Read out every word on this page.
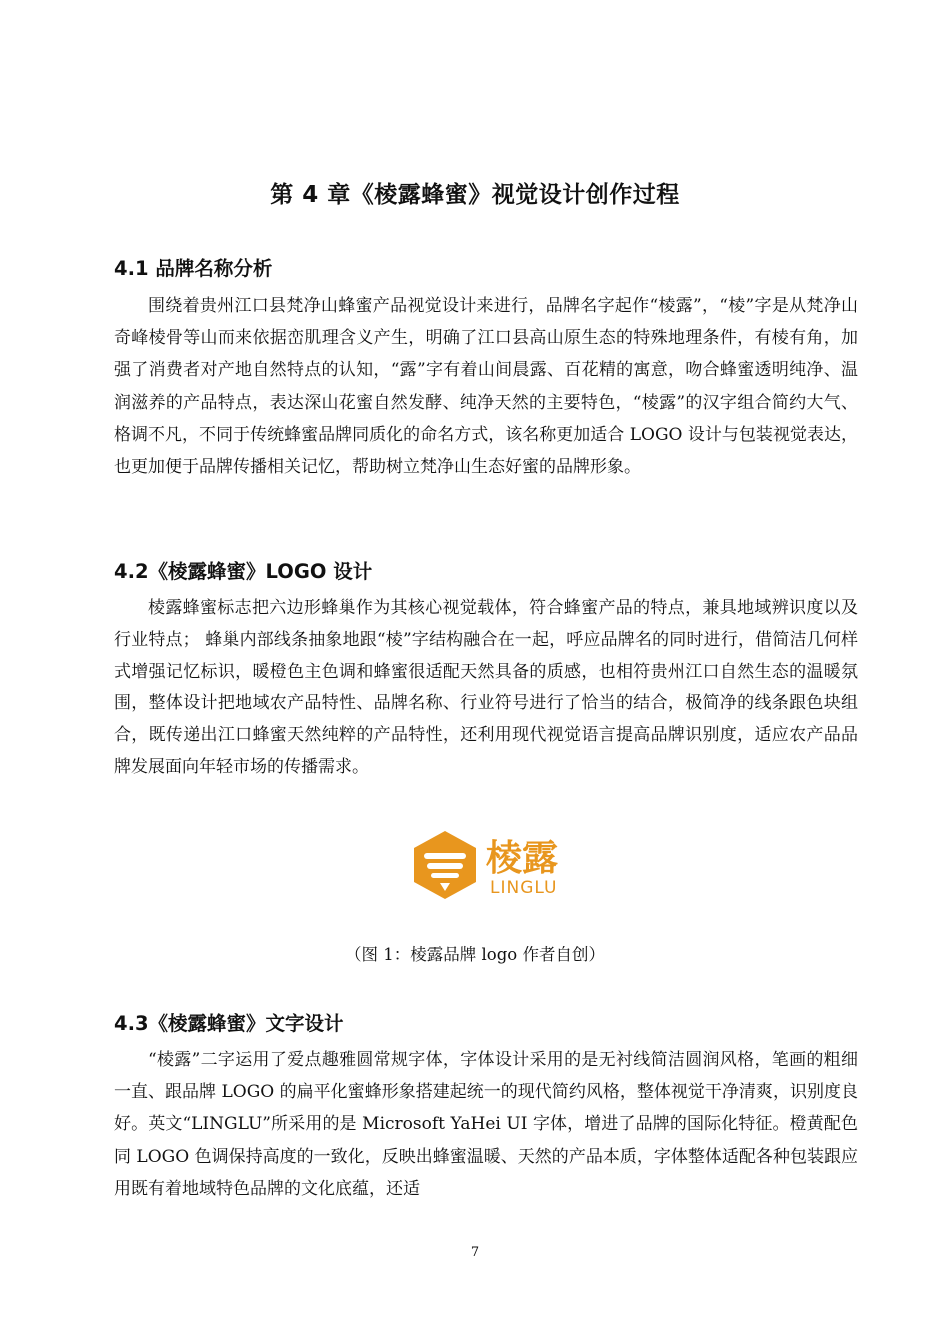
第 4 章《棱露蜂蜜》视觉设计创作过程
4.1 品牌名称分析

围绕着贵州江口县梵净山蜂蜜产品视觉设计来进行，品牌名字起作“棱露”，“棱”字是从梵净山奇峰棱骨等山而来依据峦肌理含义产生，明确了江口县高山原生态的特殊地理条件，有棱有角，加强了消费者对产地自然特点的认知，“露”字有着山间晨露、百花精的寓意，吻合蜂蜜透明纯净、温润滋养的产品特点，表达深山花蜜自然发酵、纯净天然的主要特色，“棱露”的汉字组合简约大气、格调不凡，不同于传统蜂蜜品牌同质化的命名方式，该名称更加适合 LOGO 设计与包装视觉表达，也更加便于品牌传播相关记忆，帮助树立梵净山生态好蜜的品牌形象。

4.2《棱露蜂蜜》LOGO 设计

棱露蜂蜜标志把六边形蜂巢作为其核心视觉载体，符合蜂蜜产品的特点，兼具地域辨识度以及行业特点； 蜂巢内部线条抽象地跟“棱”字结构融合在一起，呼应品牌名的同时进行，借简洁几何样式增强记忆标识，暖橙色主色调和蜂蜜很适配天然具备的质感，也相符贵州江口自然生态的温暖氛围，整体设计把地域农产品特性、品牌名称、行业符号进行了恰当的结合，极简净的线条跟色块组合，既传递出江口蜂蜜天然纯粹的产品特性，还利用现代视觉语言提高品牌识别度，适应农产品品牌发展面向年轻市场的传播需求。

棱露
LINGLU
（图 1：棱露品牌 logo 作者自创）
4.3《棱露蜂蜜》文字设计

“棱露”二字运用了爱点趣雅圆常规字体，字体设计采用的是无衬线简洁圆润风格，笔画的粗细一直、跟品牌 LOGO 的扁平化蜜蜂形象搭建起统一的现代简约风格，整体视觉干净清爽，识别度良好。英文“LINGLU”所采用的是 Microsoft YaHei UI 字体，增进了品牌的国际化特征。橙黄配色同 LOGO 色调保持高度的一致化，反映出蜂蜜温暖、天然的产品本质，字体整体适配各种包装跟应用既有着地域特色品牌的文化底蕴，还适

7
